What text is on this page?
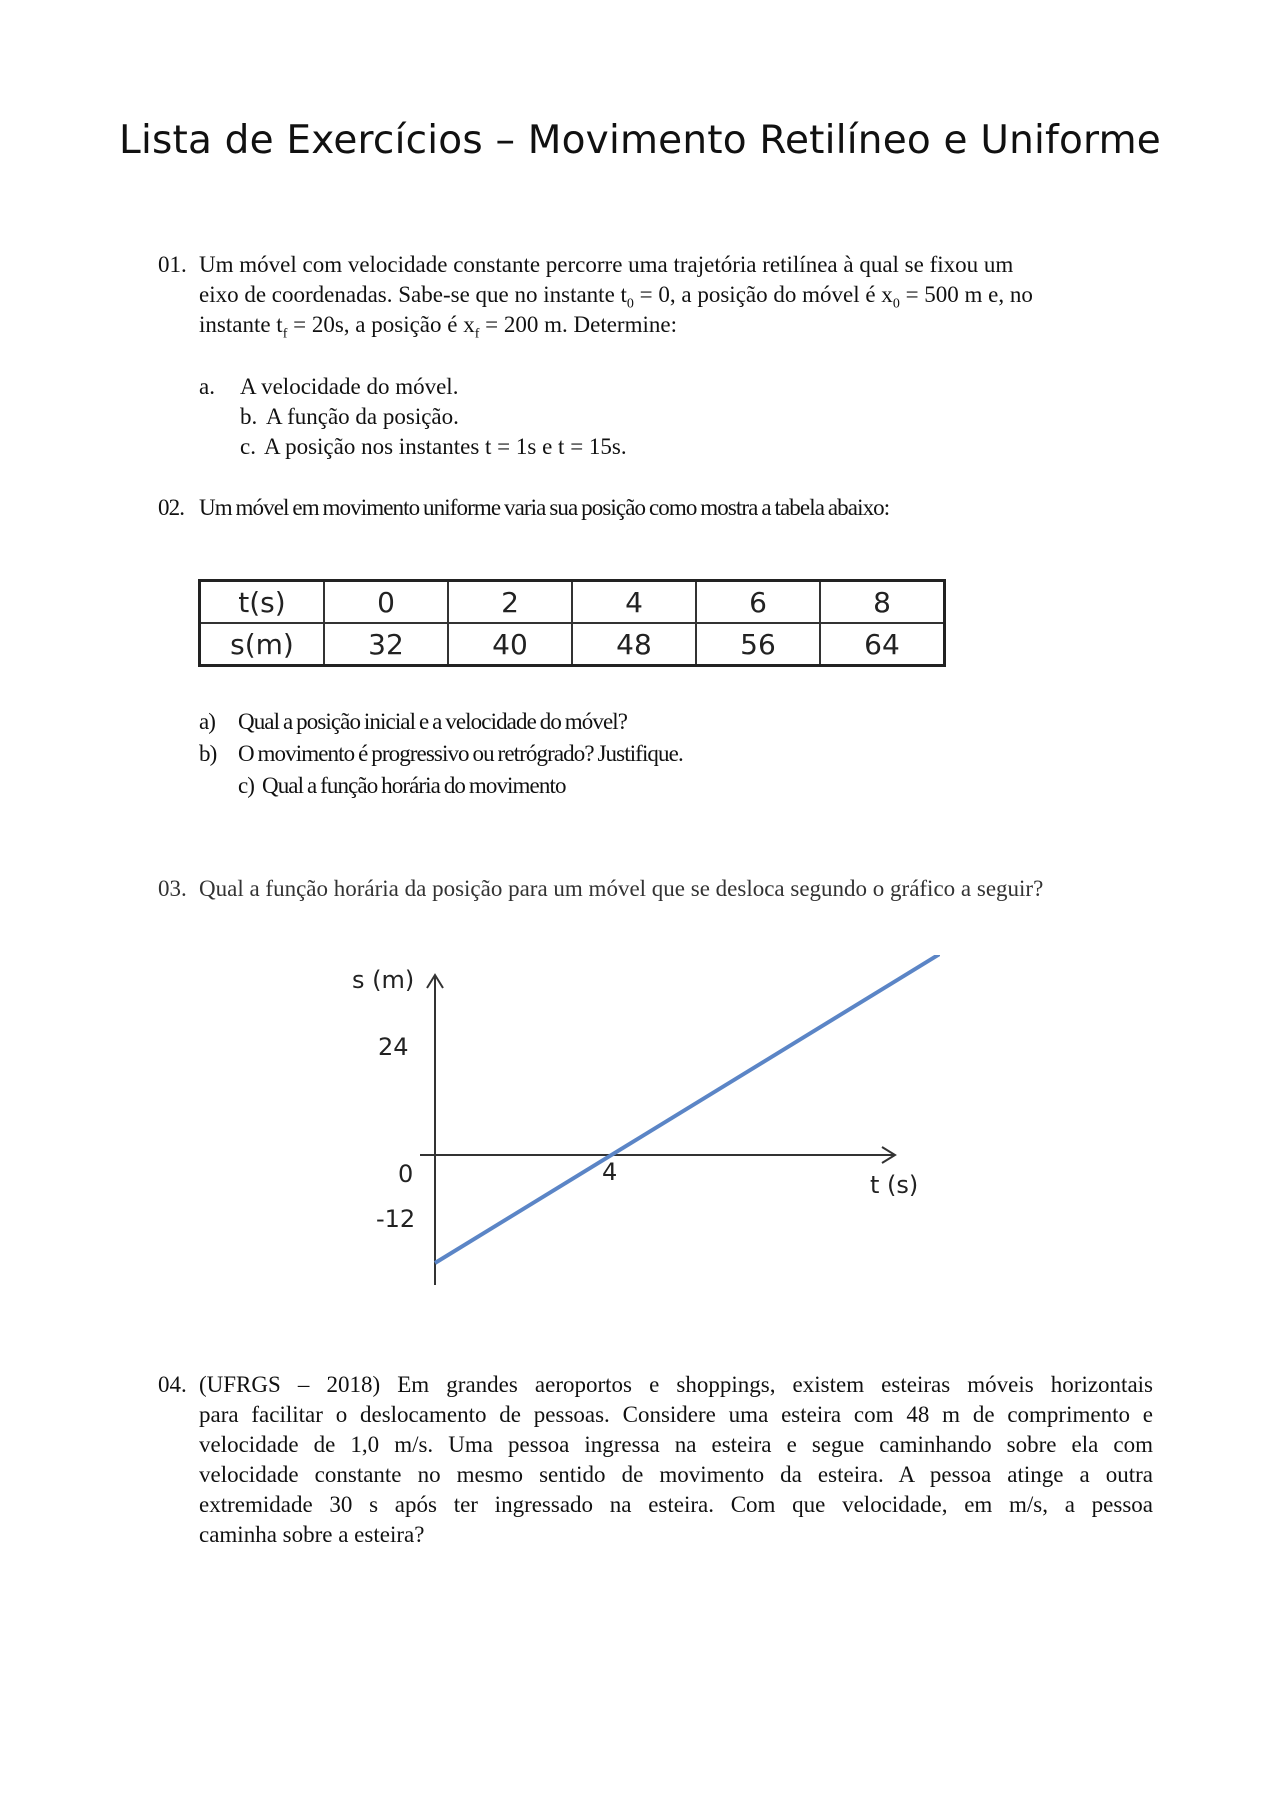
Lista de Exercícios – Movimento Retilíneo e Uniforme
01. Um móvel com velocidade constante percorre uma trajetória retilínea à qual se fixou um
eixo de coordenadas. Sabe-se que no instante $t_0 = 0$, a posição do móvel é $x_0 = 500$ m e, no
instante $t_f = 20s$, a posição é $x_f = 200$ m. Determine:
a. A velocidade do móvel.
b. A função da posição.
c. A posição nos instantes t = 1s e t = 15s.
02. Um móvel em movimento uniforme varia sua posição como mostra a tabela abaixo:
t(s)	0	2	4	6	8
s(m)	32	40	48	56	64
a) Qual a posição inicial e a velocidade do móvel?
b) O movimento é progressivo ou retrógrado? Justifique.
c) Qual a função horária do movimento
03. Qual a função horária da posição para um móvel que se desloca segundo o gráfico a seguir?
s (m)
24
0	4
-12
t (s)
04. (UFRGS – 2018) Em grandes aeroportos e shoppings, existem esteiras móveis horizontais
para facilitar o deslocamento de pessoas. Considere uma esteira com 48 m de comprimento e
velocidade de 1,0 m/s. Uma pessoa ingressa na esteira e segue caminhando sobre ela com
velocidade constante no mesmo sentido de movimento da esteira. A pessoa atinge a outra
extremidade 30 s após ter ingressado na esteira. Com que velocidade, em m/s, a pessoa
caminha sobre a esteira?
